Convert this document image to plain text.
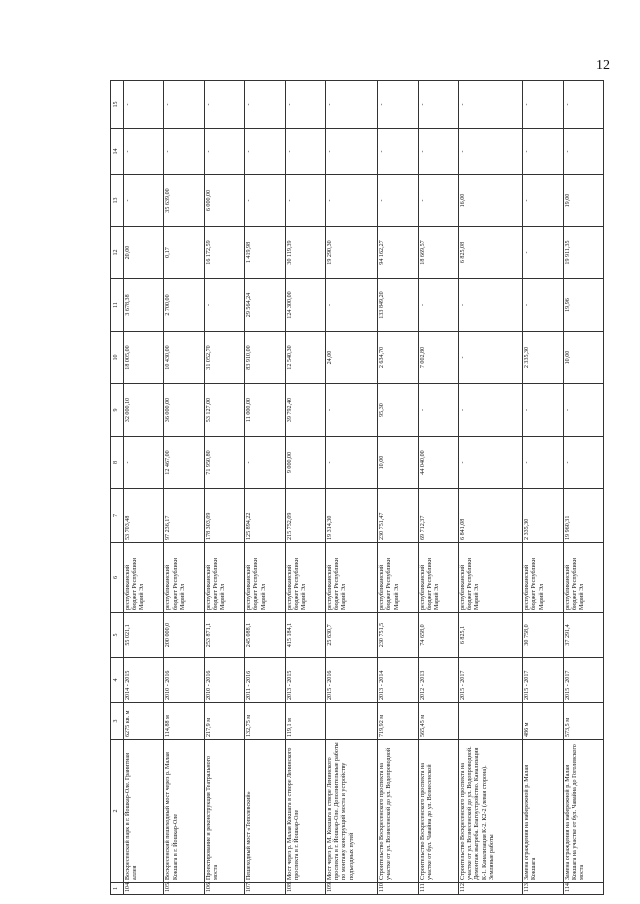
12
1	2	3	4	5	6	7	8	9	10	11	12	13	14	15
104.	Воскресенский парк в г. Йошкар-Оле. Гранитная аллея	6275 кв. м	2014 - 2015	55 021,1	республиканский бюджет Республики Марий Эл	53 703,48	-	32 000,10	18 005,00	3 678,38	20,00	-	-	-
105.	Воскресенский пешеходный мост через р. Малая Кокшага в г. Йошкар-Оле	114,88 м	2010 - 2016	200 000,0	республиканский бюджет Республики Марий Эл	97 236,17	12 467,00	36 000,00	10 430,00	2 700,00	0,17	35 639,00	-	-
106.	Проектирование и реконструкция Театрального моста	217,9 м	2010 - 2016	253 871,1	республиканский бюджет Республики Марий Эл	178 303,09	71 950,80	53 127,00	31 052,70	-	16 172,59	6 000,00	-	-
107.	Пешеходный мост «Тополевский»	132,75 м	2011 - 2016	245 088,1	республиканский бюджет Республики Марий Эл	125 894,22	-	11 000,00	83 910,00	29 564,24	1 419,98	-	-	-
108.	Мост через р. Малая Кокшага в створе Ленинского проспекта в г. Йошкар-Оле	119,1 м	2013 - 2015	415 184,1	республиканский бюджет Республики Марий Эл	215 752,09	9 000,00	39 792,40	12 540,30	124 300,00	30 119,39	-	-	-
109.	Мост через р. М. Кокшага в створе Ленинского проспекта в г. Йошкар-Оле. Дополнительные работы по монтажу конструкций моста и устройству подъездных путей		2015 - 2016	25 630,7	республиканский бюджет Республики Марий Эл	19 314,30	-	-	24,00	-	19 290,30	-	-	-
110.	Строительство Воскресенского проспекта на участке от ул. Вознесенской до ул. Водопроводной	719,92 м	2013 - 2014	230 751,5	республиканский бюджет Республики Марий Эл	230 751,47	10,00	95,30	2 634,70	133 849,20	94 162,27	-	-	-
111.	Строительство Воскресенского проспекта на участке от бул. Чавайна до ул. Вознесенской	565,45 м	2012 - 2013	74 658,0	республиканский бюджет Республики Марий Эл	69 712,37	44 040,00	-	7 002,80	-	18 669,57	-	-	-
112.	Строительство Воскресенского проспекта на участке от ул. Вознесенской до ул. Водопроводной. Демонтаж выгреба. Благоустройство. Канализация К-1. Канализация К-2. К2-2 (левая сторона). Земляные работы		2015 - 2017	6 825,1	республиканский бюджет Республики Марий Эл	6 841,08	-	-	-	-	6 825,08	16,00	-	-
113.	Замена ограждения на набережной р. Малая Кокшага	486 м	2015 - 2017	30 758,0	республиканский бюджет Республики Марий Эл	2 335,30	-	-	2 335,30	-	-	-	-	-
114.	Замена ограждения на набережной р. Малая Кокшага на участке от бул. Чавайна до Гоголевского моста	573,5 м	2015 - 2017	37 291,4	республиканский бюджет Республики Марий Эл	19 960,31	-	-	10,00	19,96	19 911,35	19,00	-	-
